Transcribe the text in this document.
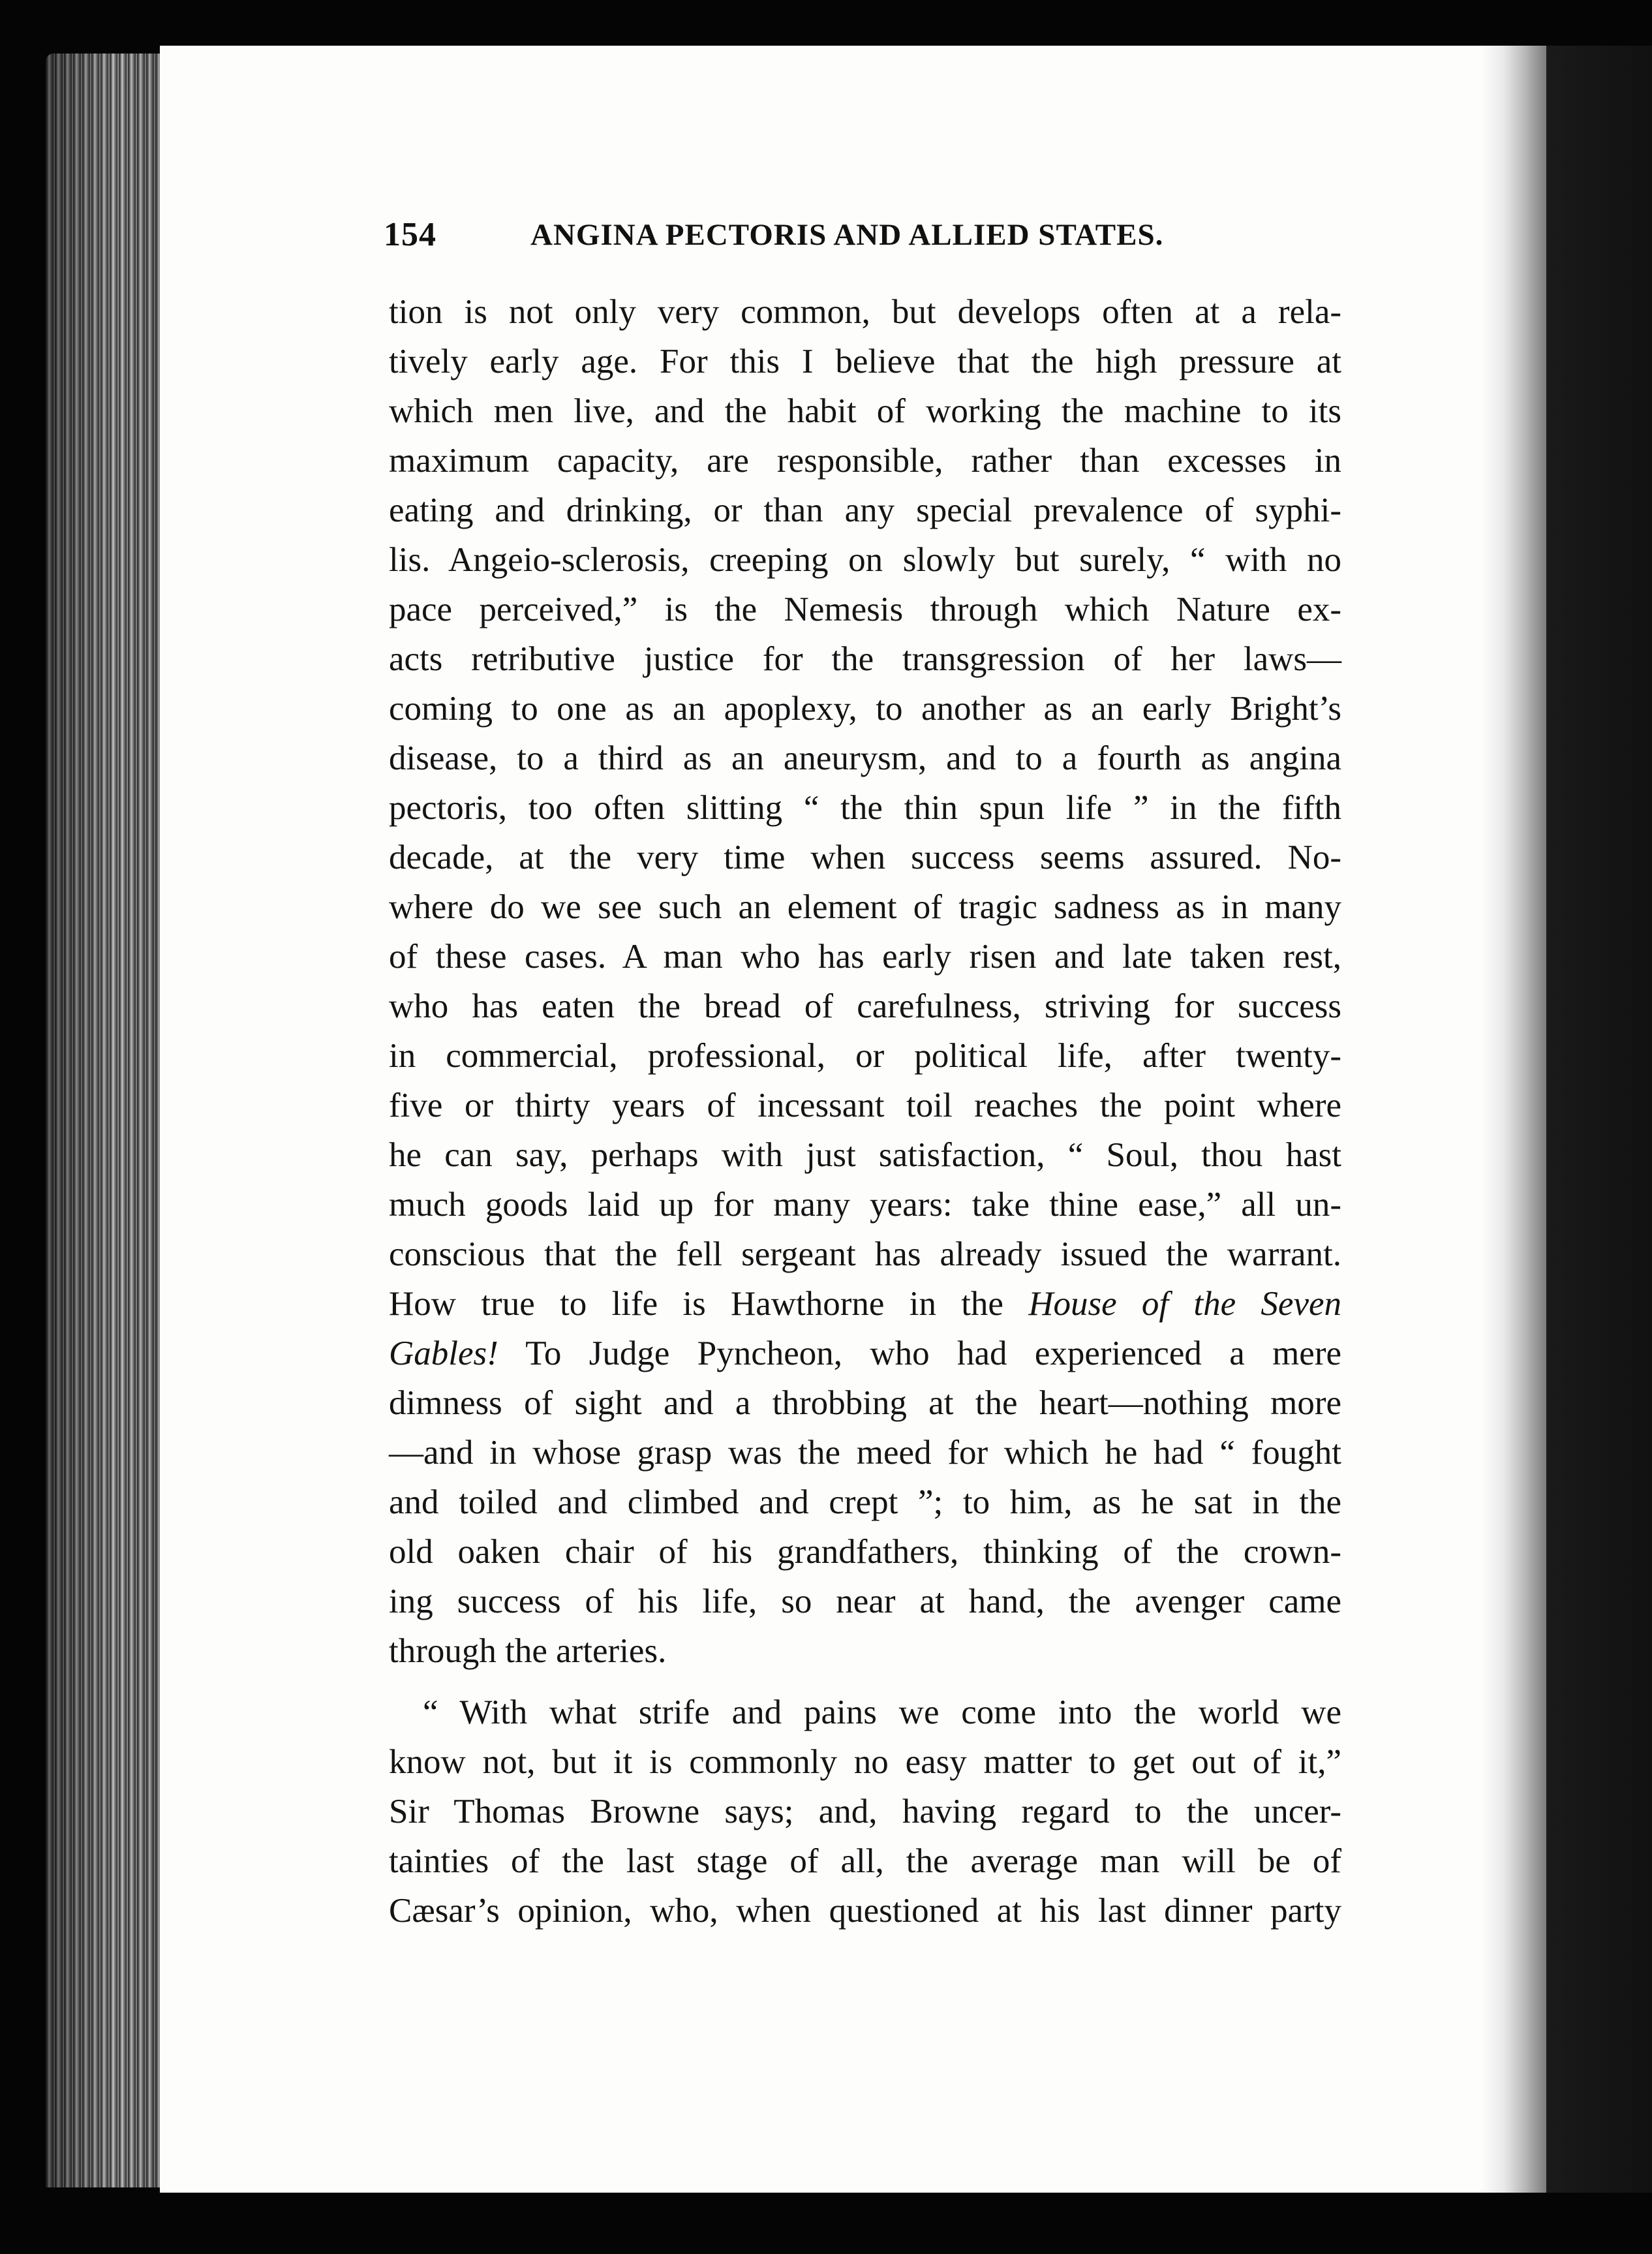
154	ANGINA PECTORIS AND ALLIED STATES.
tion is not only very common, but develops often at a rela-
tively early age. For this I believe that the high pressure at
which men live, and the habit of working the machine to its
maximum capacity, are responsible, rather than excesses in
eating and drinking, or than any special prevalence of syphi-
lis. Angeio-sclerosis, creeping on slowly but surely, “ with no
pace perceived,” is the Nemesis through which Nature ex-
acts retributive justice for the transgression of her laws—
coming to one as an apoplexy, to another as an early Bright’s
disease, to a third as an aneurysm, and to a fourth as angina
pectoris, too often slitting “ the thin spun life ” in the fifth
decade, at the very time when success seems assured. No-
where do we see such an element of tragic sadness as in many
of these cases. A man who has early risen and late taken rest,
who has eaten the bread of carefulness, striving for success
in commercial, professional, or political life, after twenty-
five or thirty years of incessant toil reaches the point where
he can say, perhaps with just satisfaction, “ Soul, thou hast
much goods laid up for many years: take thine ease,” all un-
conscious that the fell sergeant has already issued the warrant.
How true to life is Hawthorne in the House of the Seven
Gables! To Judge Pyncheon, who had experienced a mere
dimness of sight and a throbbing at the heart—nothing more
—and in whose grasp was the meed for which he had “ fought
and toiled and climbed and crept ”; to him, as he sat in the
old oaken chair of his grandfathers, thinking of the crown-
ing success of his life, so near at hand, the avenger came
through the arteries.
“ With what strife and pains we come into the world we
know not, but it is commonly no easy matter to get out of it,”
Sir Thomas Browne says; and, having regard to the uncer-
tainties of the last stage of all, the average man will be of
Cæsar’s opinion, who, when questioned at his last dinner party
